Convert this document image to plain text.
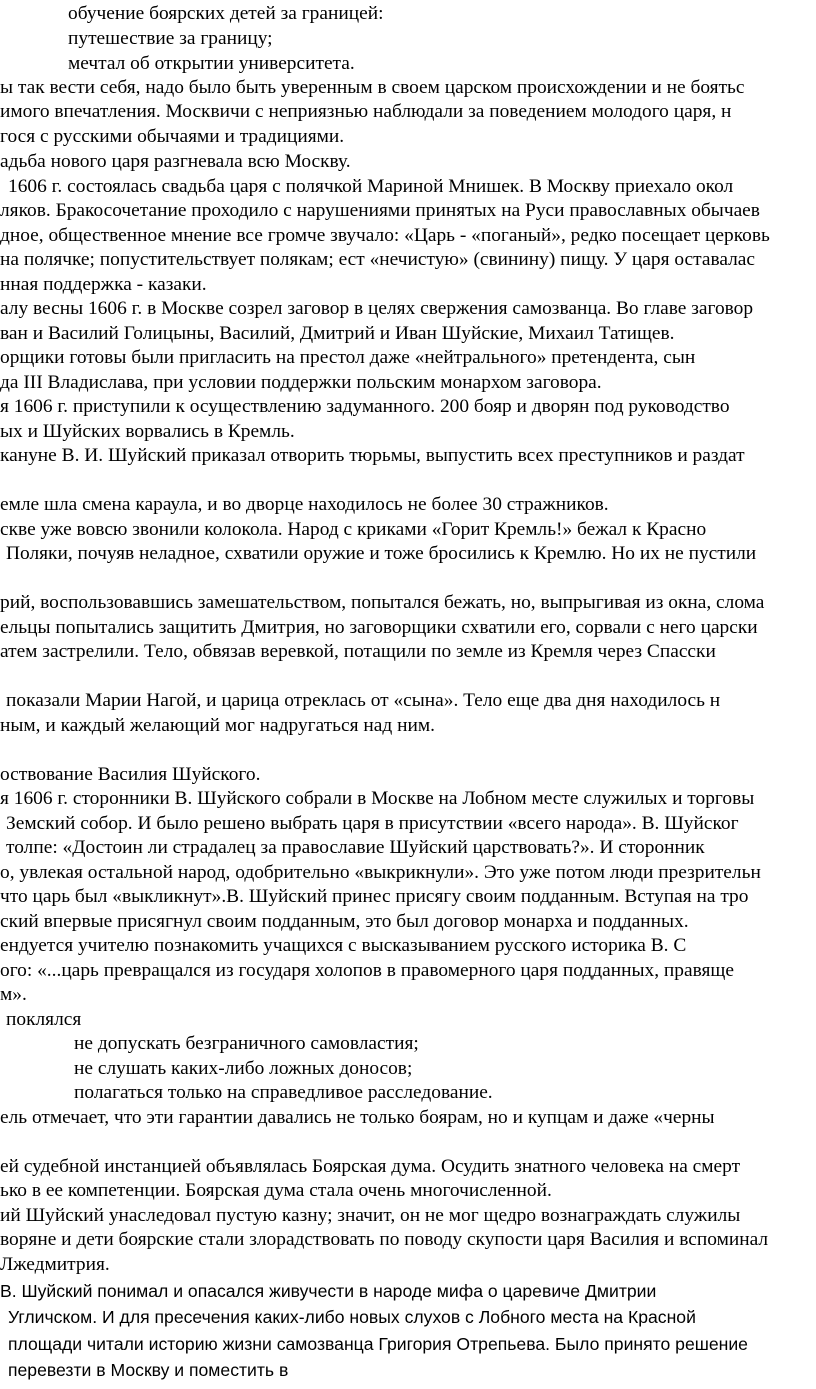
обучение боярских детей за границей:
путешествие за границу;
мечтал об открытии университета.
ы так вести себя, надо было быть уверенным в своем царском происхождении и не боятьс
имого впечатления. Москвичи с неприязнью наблюдали за поведением молодого царя, н
гося с русскими обычаями и традициями.
адьба нового царя разгневала всю Москву.
1606 г. состоялась свадьба царя с полячкой Мариной Мнишек. В Москву приехало окол
ляков. Бракосочетание проходило с нарушениями принятых на Руси православных обычаев
дное, общественное мнение все громче звучало: «Царь - «поганый», редко посещает церковь
на полячке; попустительствует полякам; ест «нечистую» (свинину) пищу. У царя оставалас
нная поддержка - казаки.
алу весны 1606 г. в Москве созрел заговор в целях свержения самозванца. Во главе заговор
ван и Василий Голицыны, Василий, Дмитрий и Иван Шуйские, Михаил Татищев.
орщики готовы были пригласить на престол даже «нейтрального» претендента, сын
да III Владислава, при условии поддержки польским монархом заговора.
я 1606 г. приступили к осуществлению задуманного. 200 бояр и дворян под руководство
ых и Шуйских ворвались в Кремль.
кануне В. И. Шуйский приказал отворить тюрьмы, выпустить всех преступников и раздат
емле шла смена караула, и во дворце находилось не более 30 стражников.
скве уже вовсю звонили колокола. Народ с криками «Горит Кремль!» бежал к Красно
Поляки, почуяв неладное, схватили оружие и тоже бросились к Кремлю. Но их не пустили
рий, воспользовавшись замешательством, попытался бежать, но, выпрыгивая из окна, слома
ельцы попытались защитить Дмитрия, но заговорщики схватили его, сорвали с него царски
атем застрелили. Тело, обвязав веревкой, потащили по земле из Кремля через Спасски
показали Марии Нагой, и царица отреклась от «сына». Тело еще два дня находилось н
ным, и каждый желающий мог надругаться над ним.
оствование Василия Шуйского.
я 1606 г. сторонники В. Шуйского собрали в Москве на Лобном месте служилых и торговы
Земский собор. И было решено выбрать царя в присутствии «всего народа». В. Шуйског
толпе: «Достоин ли страдалец за православие Шуйский царствовать?». И сторонник
о, увлекая остальной народ, одобрительно «выкрикнули». Это уже потом люди презрительн
что царь был «выкликнут».В. Шуйский принес присягу своим подданным. Вступая на тро
ский впервые присягнул своим подданным, это был договор монарха и подданных.
ендуется учителю познакомить учащихся с высказыванием русского историка В. С
ого: «...царь превращался из государя холопов в правомерного царя подданных, правяще
м».
поклялся
не допускать безграничного самовластия;
не слушать каких-либо ложных доносов;
полагаться только на справедливое расследование.
ель отмечает, что эти гарантии давались не только боярам, но и купцам и даже «черны
ей судебной инстанцией объявлялась Боярская дума. Осудить знатного человека на смерт
ько в ее компетенции. Боярская дума стала очень многочисленной.
ий Шуйский унаследовал пустую казну; значит, он не мог щедро вознаграждать служилы
воряне и дети боярские стали злорадствовать по поводу скупости царя Василия и вспоминал
Лжедмитрия.
В. Шуйский понимал и опасался живучести в народе мифа о царевиче Дмитрии
Угличском. И для пресечения каких-либо новых слухов с Лобного места на Красной
площади читали историю жизни самозванца Григория Отрепьева. Было принято решение
перевезти в Москву и поместить в
